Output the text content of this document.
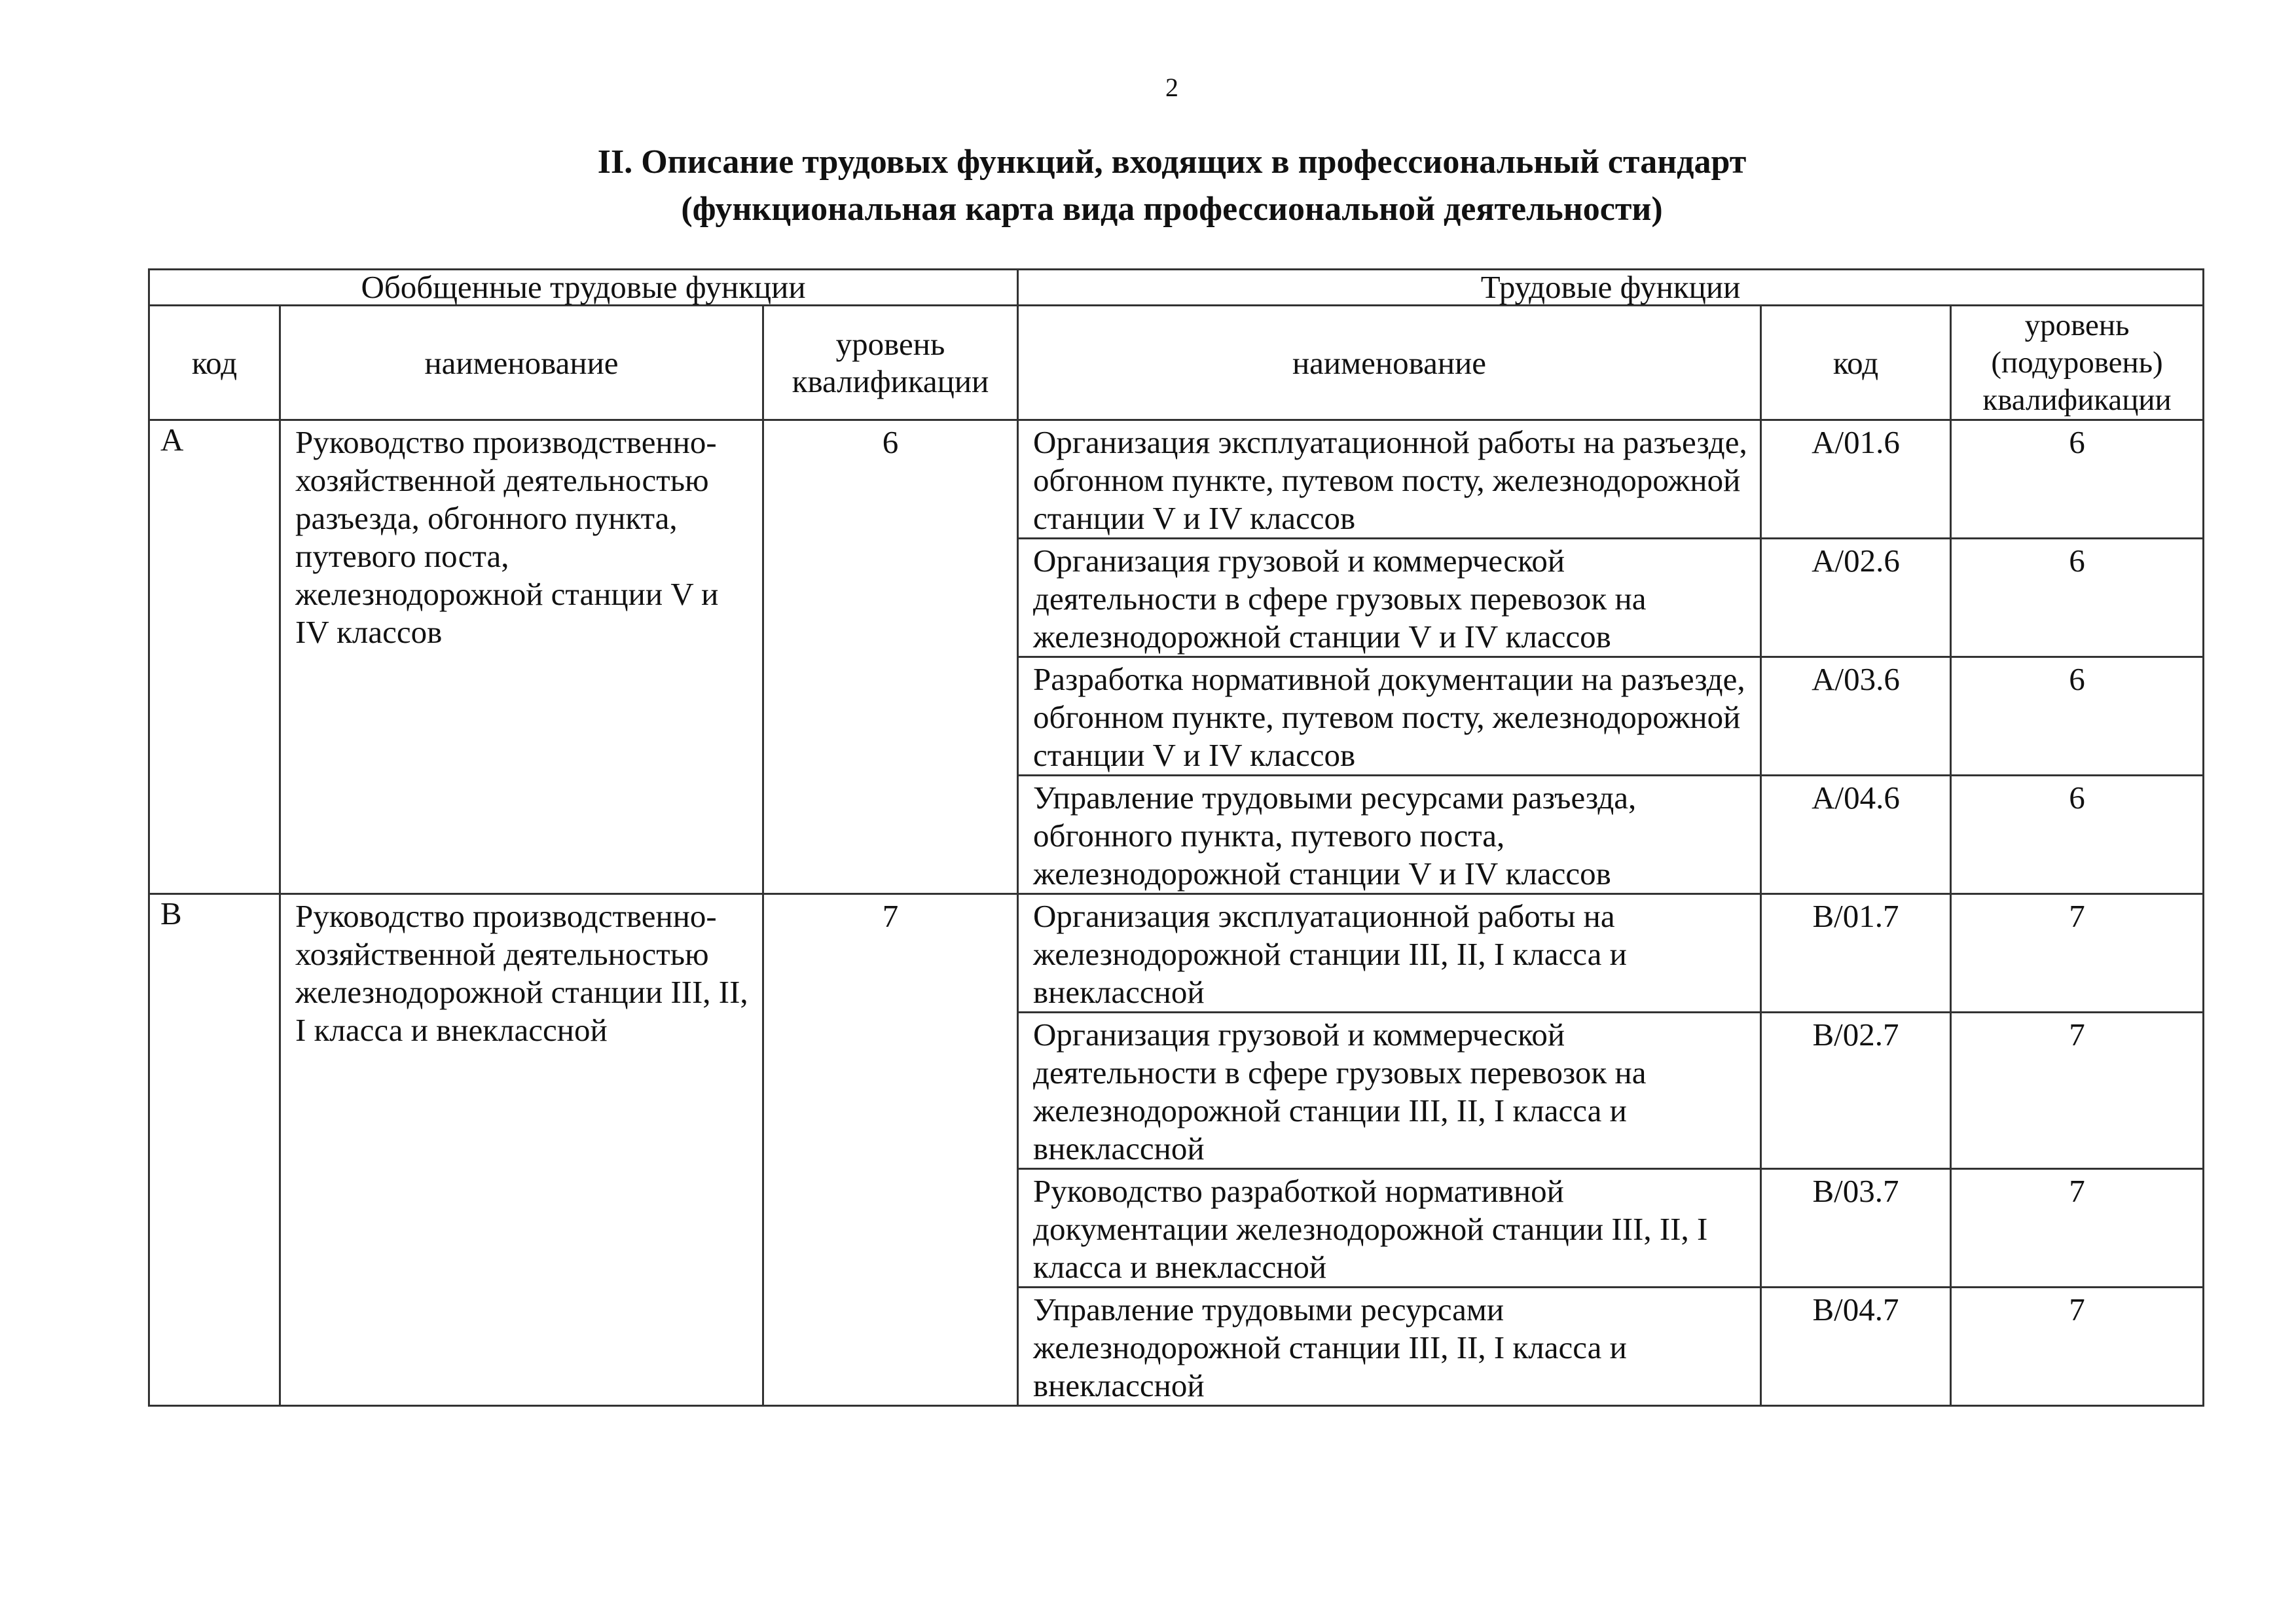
2
II. Описание трудовых функций, входящих в профессиональный стандарт
(функциональная карта вида профессиональной деятельности)
Обобщенные трудовые функции			Трудовые функции		
код	наименование	уровень квалификации	наименование	код	уровень (подуровень) квалификации
A	Руководство производственно-хозяйственной деятельностью разъезда, обгонного пункта, путевого поста, железнодорожной станции V и IV классов	6	Организация эксплуатационной работы на разъезде, обгонном пункте, путевом посту, железнодорожной станции V и IV классов	A/01.6	6
			Организация грузовой и коммерческой деятельности в сфере грузовых перевозок на железнодорожной станции V и IV классов	A/02.6	6
			Разработка нормативной документации на разъезде, обгонном пункте, путевом посту, железнодорожной станции V и IV классов	A/03.6	6
			Управление трудовыми ресурсами разъезда, обгонного пункта, путевого поста, железнодорожной станции V и IV классов	A/04.6	6
B	Руководство производственно-хозяйственной деятельностью железнодорожной станции III, II, I класса и внеклассной	7	Организация эксплуатационной работы на железнодорожной станции III, II, I класса и внеклассной	B/01.7	7
			Организация грузовой и коммерческой деятельности в сфере грузовых перевозок на железнодорожной станции III, II, I класса и внеклассной	B/02.7	7
			Руководство разработкой нормативной документации железнодорожной станции III, II, I класса и внеклассной	B/03.7	7
			Управление трудовыми ресурсами железнодорожной станции III, II, I класса и внеклассной	B/04.7	7
